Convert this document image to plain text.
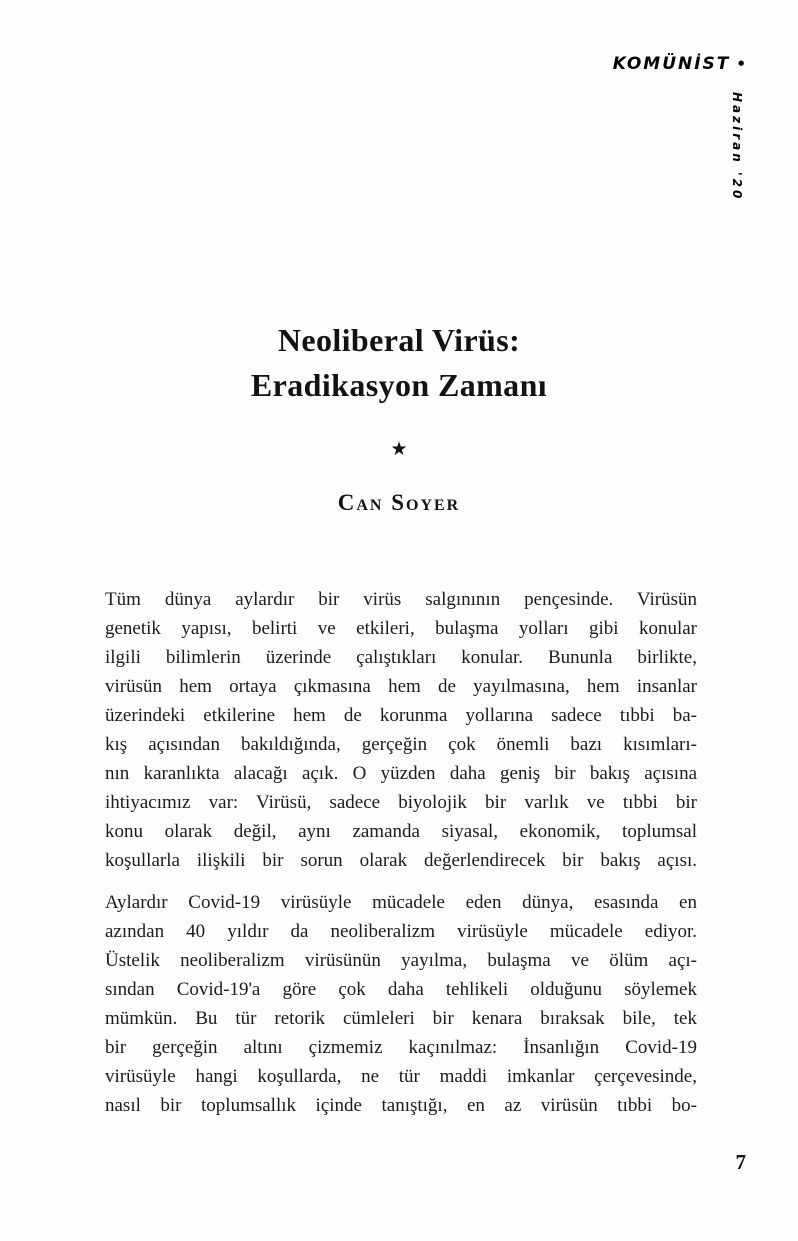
KOMÜNİST •
Haziran '20
Neoliberal Virüs:
Eradikasyon Zamanı
★
Can Soyer
Tüm dünya aylardır bir virüs salgınının pençesinde. Virüsün
genetik yapısı, belirti ve etkileri, bulaşma yolları gibi konular
ilgili bilimlerin üzerinde çalıştıkları konular. Bununla birlikte,
virüsün hem ortaya çıkmasına hem de yayılmasına, hem insanlar
üzerindeki etkilerine hem de korunma yollarına sadece tıbbi ba-
kış açısından bakıldığında, gerçeğin çok önemli bazı kısımları-
nın karanlıkta alacağı açık. O yüzden daha geniş bir bakış açısına
ihtiyacımız var: Virüsü, sadece biyolojik bir varlık ve tıbbi bir
konu olarak değil, aynı zamanda siyasal, ekonomik, toplumsal
koşullarla ilişkili bir sorun olarak değerlendirecek bir bakış açısı.
Aylardır Covid-19 virüsüyle mücadele eden dünya, esasında en
azından 40 yıldır da neoliberalizm virüsüyle mücadele ediyor.
Üstelik neoliberalizm virüsünün yayılma, bulaşma ve ölüm açı-
sından Covid-19'a göre çok daha tehlikeli olduğunu söylemek
mümkün. Bu tür retorik cümleleri bir kenara bıraksak bile, tek
bir gerçeğin altını çizmemiz kaçınılmaz: İnsanlığın Covid-19
virüsüyle hangi koşullarda, ne tür maddi imkanlar çerçevesinde,
nasıl bir toplumsallık içinde tanıştığı, en az virüsün tıbbi bo-
7
